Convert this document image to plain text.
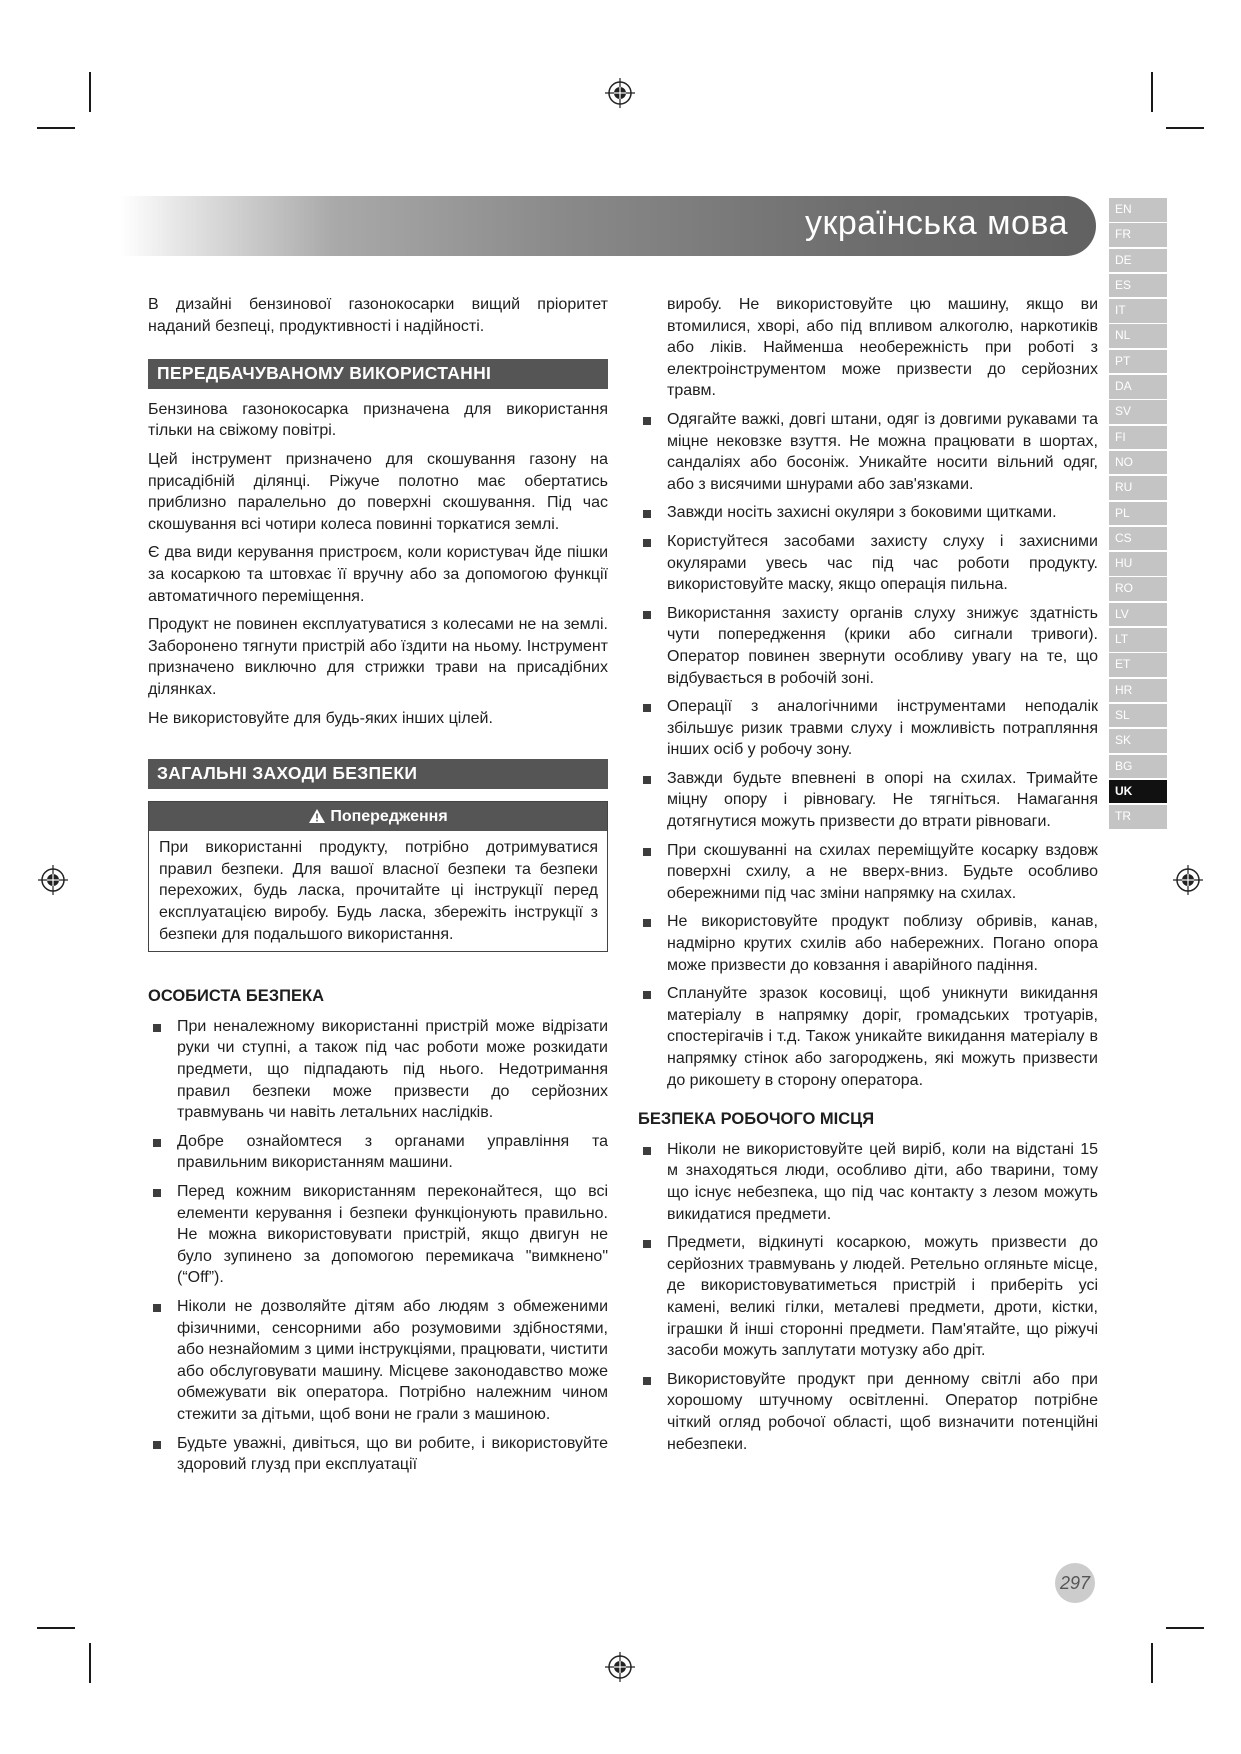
українська мова	EN
FR
DE
ES
IT
NL
PT
DA
SV
FI
NO
RU
PL
CS
HU
RO
LV
LT
ET
HR
SL
SK
BG
UK
TR

В дизайні бензинової газонокосарки вищий пріоритет наданий безпеці, продуктивності і надійності.

ПЕРЕДБАЧУВАНОМУ ВИКОРИСТАННІ

Бензинова газонокосарка призначена для використання тільки на свіжому повітрі.

Цей інструмент призначено для скошування газону на присадібній ділянці. Ріжуче полотно має обертатись приблизно паралельно до поверхні скошування. Під час скошування всі чотири колеса повинні торкатися землі.

Є два види керування пристроєм, коли користувач йде пішки за косаркою та штовхає її вручну або за допомогою функції автоматичного переміщення.

Продукт не повинен експлуатуватися з колесами не на землі. Заборонено тягнути пристрій або їздити на ньому. Інструмент призначено виключно для стрижки трави на присадібних ділянках.

Не використовуйте для будь-яких інших цілей.

ЗАГАЛЬНІ ЗАХОДИ БЕЗПЕКИ
Попередження
При використанні продукту, потрібно дотримуватися правил безпеки. Для вашої власної безпеки та безпеки перехожих, будь ласка, прочитайте ці інструкції перед експлуатацією виробу. Будь ласка, збережіть інструкції з безпеки для подальшого використання.
ОСОБИСТА БЕЗПЕКА
При неналежному використанні пристрій може відрізати руки чи ступні, а також під час роботи може розкидати предмети, що підпадають під нього. Недотримання правил безпеки може призвести до серйозних травмувань чи навіть летальних наслідків.
Добре ознайомтеся з органами управління та правильним використанням машини.
Перед кожним використанням переконайтеся, що всі елементи керування і безпеки функціонують правильно. Не можна використовувати пристрій, якщо двигун не було зупинено за допомогою перемикача "вимкнено"(“Off”).
Ніколи не дозволяйте дітям або людям з обмеженими фізичними, сенсорними або розумовими здібностями, або незнайомим з цими інструкціями, працювати, чистити або обслуговувати машину. Місцеве законодавство може обмежувати вік оператора. Потрібно належним чином стежити за дітьми, щоб вони не грали з машиною.
Будьте уважні, дивіться, що ви робите, і використовуйте здоровий глузд при експлуатації

виробу. Не використовуйте цю машину, якщо ви втомилися, хворі, або під впливом алкоголю, наркотиків або ліків. Найменша необережність при роботі з електроінструментом може призвести до серйозних травм.

Одягайте важкі, довгі штани, одяг із довгими рукавами та міцне нековзке взуття. Не можна працювати в шортах, сандаліях або босоніж. Уникайте носити вільний одяг, або з висячими шнурами або зав'язками.
Завжди носіть захисні окуляри з боковими щитками.
Користуйтеся засобами захисту слуху і захисними окулярами увесь час під час роботи продукту. використовуйте маску, якщо операція пильна.
Використання захисту органів слуху знижує здатність чути попередження (крики або сигнали тривоги). Оператор повинен звернути особливу увагу на те, що відбувається в робочій зоні.
Операції з аналогічними інструментами неподалік збільшує ризик травми слуху і можливість потрапляння інших осіб у робочу зону.
Завжди будьте впевнені в опорі на схилах. Тримайте міцну опору і рівновагу. Не тягніться. Намагання дотягнутися можуть призвести до втрати рівноваги.
При скошуванні на схилах переміщуйте косарку вздовж поверхні схилу, а не вверх-вниз. Будьте особливо обережними під час зміни напрямку на схилах.
Не використовуйте продукт поблизу обривів, канав, надмірно крутих схилів або набережних. Погано опора може призвести до ковзання і аварійного падіння.
Сплануйте зразок косовиці, щоб уникнути викидання матеріалу в напрямку доріг, громадських тротуарів, спостерігачів і т.д. Також уникайте викидання матеріалу в напрямку стінок або загороджень, які можуть призвести до рикошету в сторону оператора.
БЕЗПЕКА РОБОЧОГО МІСЦЯ
Ніколи не використовуйте цей виріб, коли на відстані 15 м знаходяться люди, особливо діти, або тварини, тому що існує небезпека, що під час контакту з лезом можуть викидатися предмети.
Предмети, відкинуті косаркою, можуть призвести до серйозних травмувань у людей. Ретельно огляньте місце, де використовуватиметься пристрій і приберіть усі камені, великі гілки, металеві предмети, дроти, кістки, іграшки й інші сторонні предмети. Пам'ятайте, що ріжучі засоби можуть заплутати мотузку або дріт.
Використовуйте продукт при денному світлі або при хорошому штучному освітленні. Оператор потрібне чіткий огляд робочої області, щоб визначити потенційні небезпеки.
297
